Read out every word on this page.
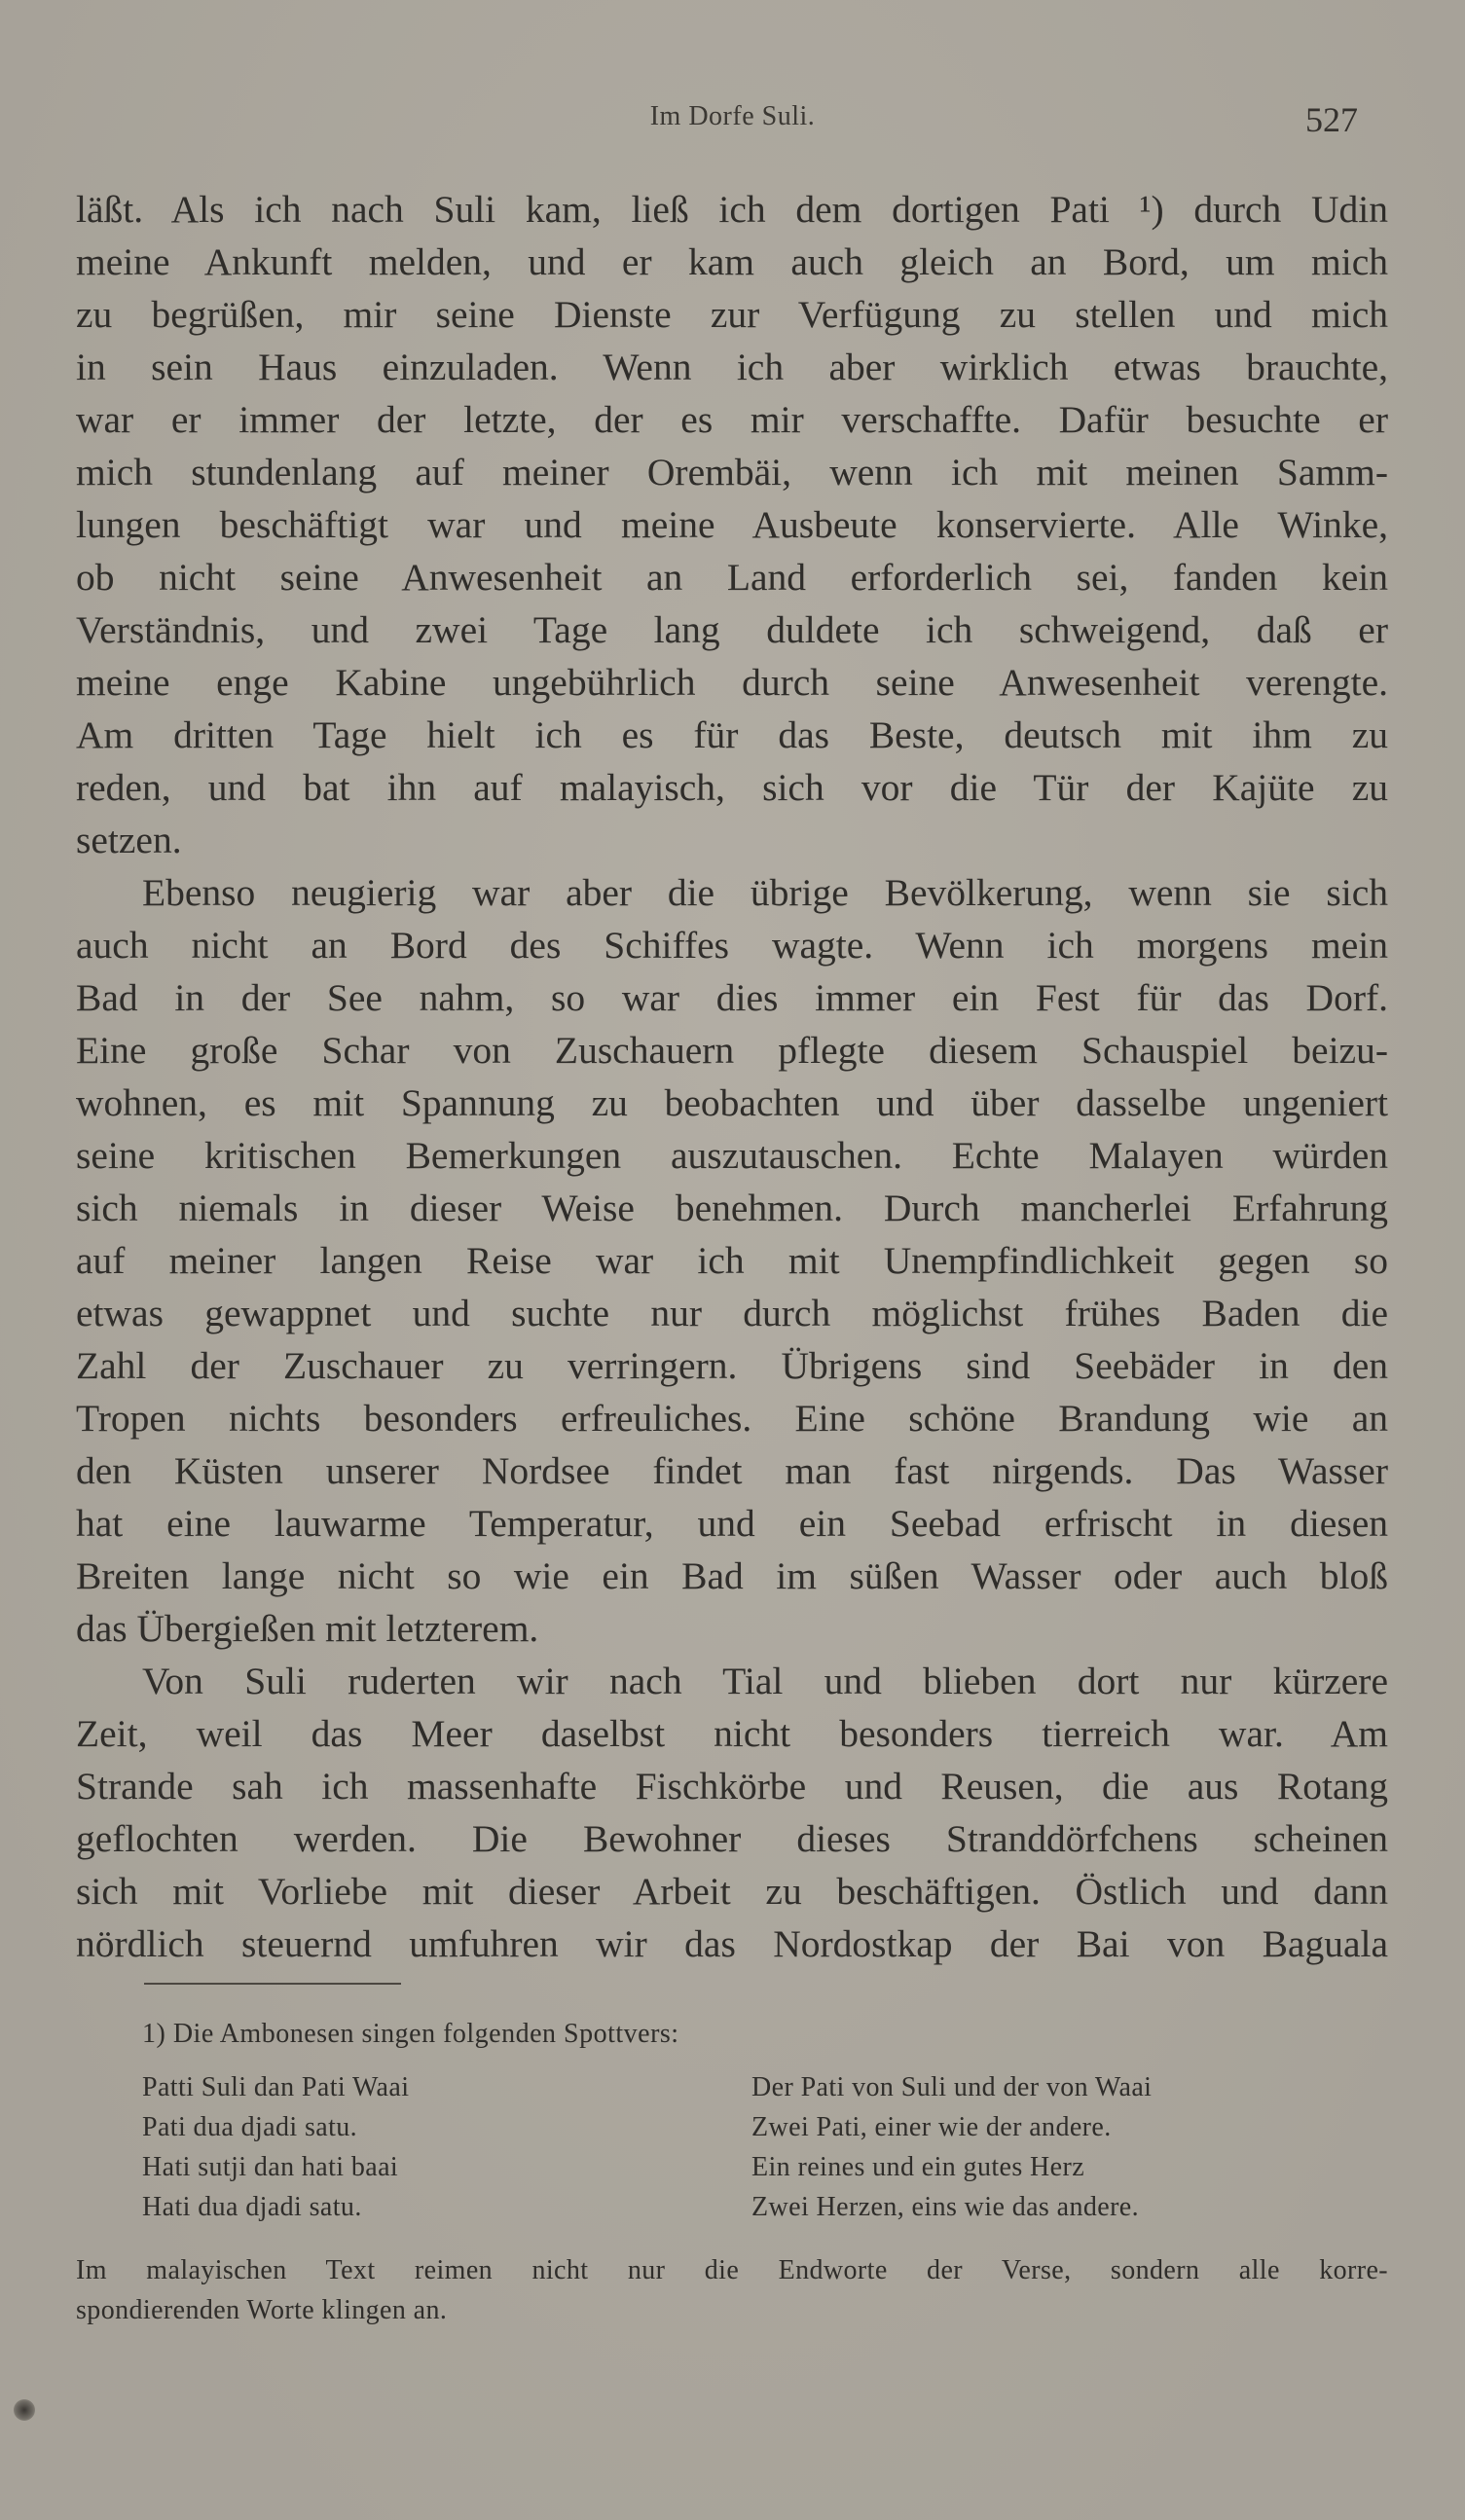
Im Dorfe Suli.	527
läßt. Als ich nach Suli kam, ließ ich dem dortigen Pati ¹) durch Udin
meine Ankunft melden, und er kam auch gleich an Bord, um mich
zu begrüßen, mir seine Dienste zur Verfügung zu stellen und mich
in sein Haus einzuladen. Wenn ich aber wirklich etwas brauchte,
war er immer der letzte, der es mir verschaffte. Dafür besuchte er
mich stundenlang auf meiner Orembäi, wenn ich mit meinen Samm-
lungen beschäftigt war und meine Ausbeute konservierte. Alle Winke,
ob nicht seine Anwesenheit an Land erforderlich sei, fanden kein
Verständnis, und zwei Tage lang duldete ich schweigend, daß er
meine enge Kabine ungebührlich durch seine Anwesenheit verengte.
Am dritten Tage hielt ich es für das Beste, deutsch mit ihm zu
reden, und bat ihn auf malayisch, sich vor die Tür der Kajüte zu
setzen.
Ebenso neugierig war aber die übrige Bevölkerung, wenn sie sich
auch nicht an Bord des Schiffes wagte. Wenn ich morgens mein
Bad in der See nahm, so war dies immer ein Fest für das Dorf.
Eine große Schar von Zuschauern pflegte diesem Schauspiel beizu-
wohnen, es mit Spannung zu beobachten und über dasselbe ungeniert
seine kritischen Bemerkungen auszutauschen. Echte Malayen würden
sich niemals in dieser Weise benehmen. Durch mancherlei Erfahrung
auf meiner langen Reise war ich mit Unempfindlichkeit gegen so
etwas gewappnet und suchte nur durch möglichst frühes Baden die
Zahl der Zuschauer zu verringern. Übrigens sind Seebäder in den
Tropen nichts besonders erfreuliches. Eine schöne Brandung wie an
den Küsten unserer Nordsee findet man fast nirgends. Das Wasser
hat eine lauwarme Temperatur, und ein Seebad erfrischt in diesen
Breiten lange nicht so wie ein Bad im süßen Wasser oder auch bloß
das Übergießen mit letzterem.
Von Suli ruderten wir nach Tial und blieben dort nur kürzere
Zeit, weil das Meer daselbst nicht besonders tierreich war. Am
Strande sah ich massenhafte Fischkörbe und Reusen, die aus Rotang
geflochten werden. Die Bewohner dieses Stranddörfchens scheinen
sich mit Vorliebe mit dieser Arbeit zu beschäftigen. Östlich und dann
nördlich steuernd umfuhren wir das Nordostkap der Bai von Baguala
1) Die Ambonesen singen folgenden Spottvers:
Patti Suli dan Pati Waai
Pati dua djadi satu.
Hati sutji dan hati baai
Hati dua djadi satu.
Der Pati von Suli und der von Waai
Zwei Pati, einer wie der andere.
Ein reines und ein gutes Herz
Zwei Herzen, eins wie das andere.
Im malayischen Text reimen nicht nur die Endworte der Verse, sondern alle korre-
spondierenden Worte klingen an.
